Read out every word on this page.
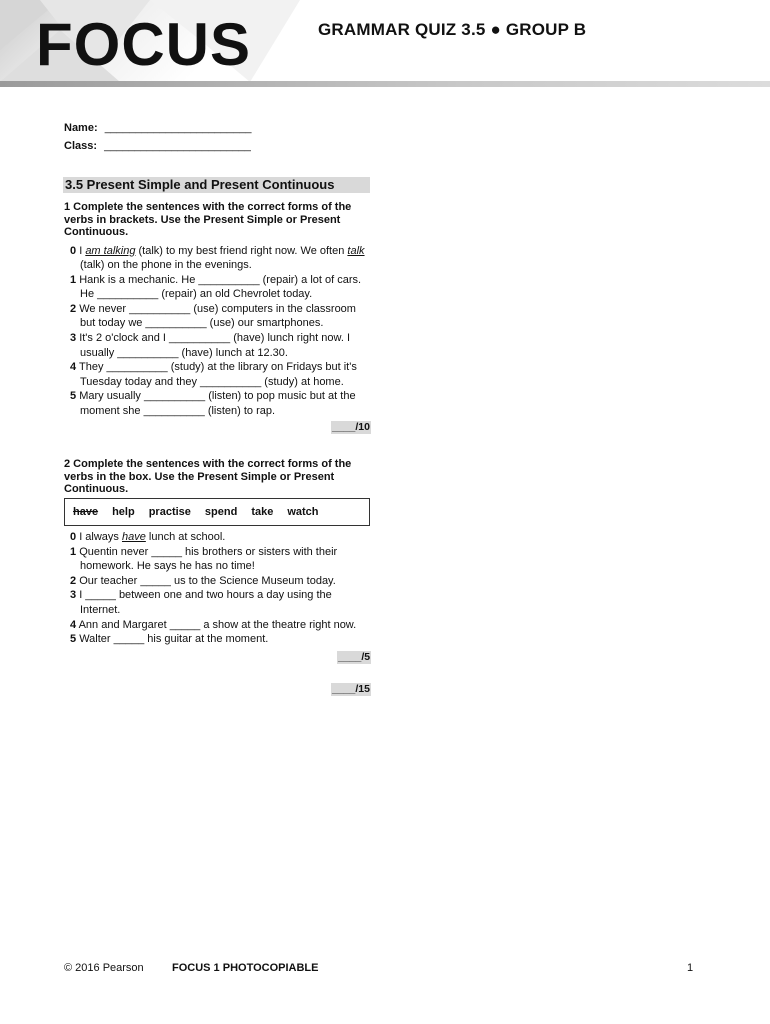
FOCUS	GRAMMAR QUIZ 3.5 ● GROUP B
Name: ________________________
Class: ________________________
3.5 Present Simple and Present Continuous

1 Complete the sentences with the correct forms of the verbs in brackets. Use the Present Simple or Present Continuous.

0 I am talking (talk) to my best friend right now. We often talk (talk) on the phone in the evenings.

1 Hank is a mechanic. He __________ (repair) a lot of cars. He __________ (repair) an old Chevrolet today.

2 We never __________ (use) computers in the classroom but today we __________ (use) our smartphones.

3 It's 2 o'clock and I __________ (have) lunch right now. I usually __________ (have) lunch at 12.30.

4 They __________ (study) at the library on Fridays but it's Tuesday today and they __________ (study) at home.

5 Mary usually __________ (listen) to pop music but at the moment she __________ (listen) to rap.

____/10

2 Complete the sentences with the correct forms of the verbs in the box. Use the Present Simple or Present Continuous.

have help practise spend take watch

0 I always have lunch at school.

1 Quentin never _____ his brothers or sisters with their homework. He says he has no time!

2 Our teacher _____ us to the Science Museum today.

3 I _____ between one and two hours a day using the Internet.

4 Ann and Margaret _____ a show at the theatre right now.

5 Walter _____ his guitar at the moment.

____/5
____/15
© 2016 Pearson	FOCUS 1 PHOTOCOPIABLE	1
